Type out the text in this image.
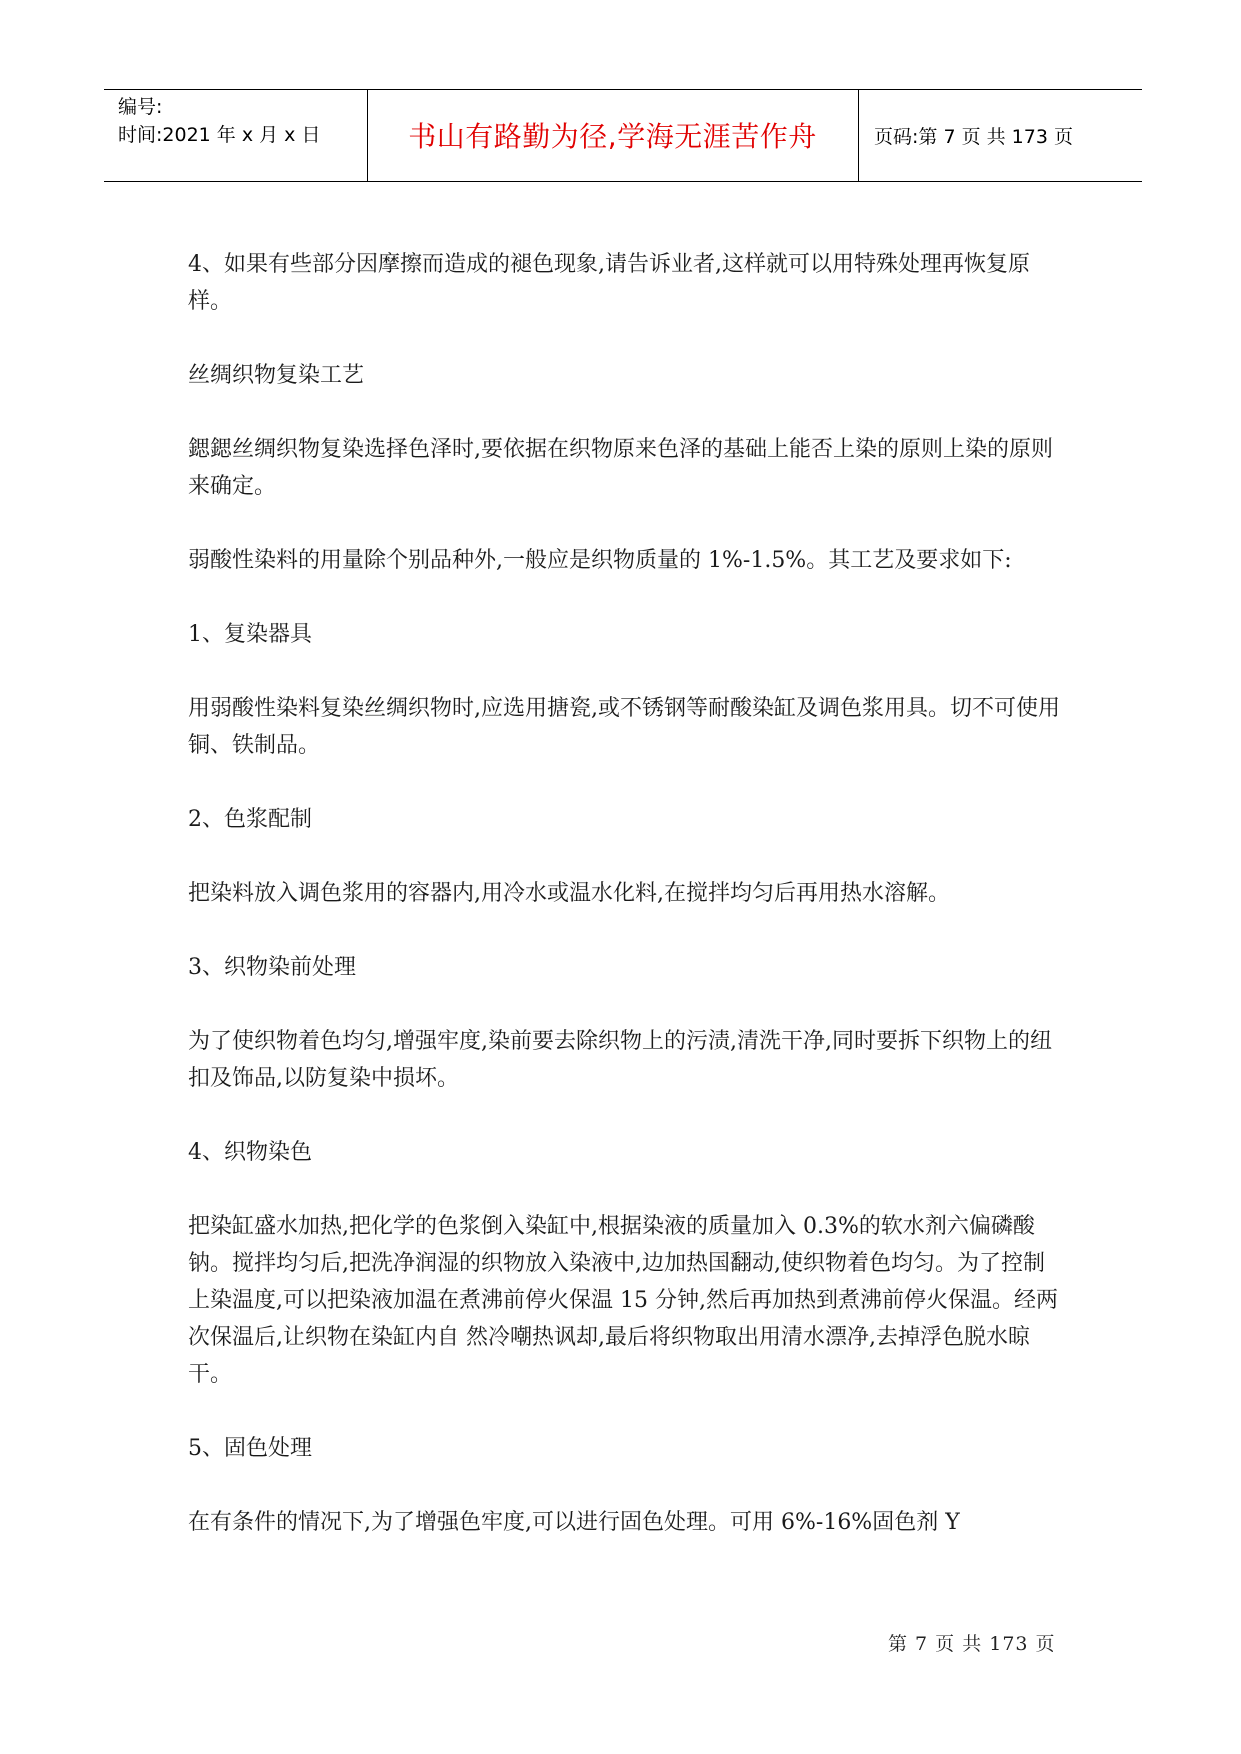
编号:
时间:2021 年 x 月 x 日	书山有路勤为径,学海无涯苦作舟	页码:第 7 页 共 173 页

4、如果有些部分因摩擦而造成的褪色现象,请告诉业者,这样就可以用特殊处理再恢复原样。

丝绸织物复染工艺

鍶鍶丝绸织物复染选择色泽时,要依据在织物原来色泽的基础上能否上染的原则上染的原则来确定。

弱酸性染料的用量除个别品种外,一般应是织物质量的 1%-1.5%。其工艺及要求如下:

1、复染器具

用弱酸性染料复染丝绸织物时,应选用搪瓷,或不锈钢等耐酸染缸及调色浆用具。切不可使用铜、铁制品。

2、色浆配制

把染料放入调色浆用的容器内,用冷水或温水化料,在搅拌均匀后再用热水溶解。

3、织物染前处理

为了使织物着色均匀,增强牢度,染前要去除织物上的污渍,清洗干净,同时要拆下织物上的纽扣及饰品,以防复染中损坏。

4、织物染色

把染缸盛水加热,把化学的色浆倒入染缸中,根据染液的质量加入 0.3%的软水剂六偏磷酸钠。搅拌均匀后,把洗净润湿的织物放入染液中,边加热国翻动,使织物着色均匀。为了控制上染温度,可以把染液加温在煮沸前停火保温 15 分钟,然后再加热到煮沸前停火保温。经两次保温后,让织物在染缸内自 然冷嘲热讽却,最后将织物取出用清水漂净,去掉浮色脱水晾干。

5、固色处理

在有条件的情况下,为了增强色牢度,可以进行固色处理。可用 6%-16%固色剂 Y

第 7 页 共 173 页
